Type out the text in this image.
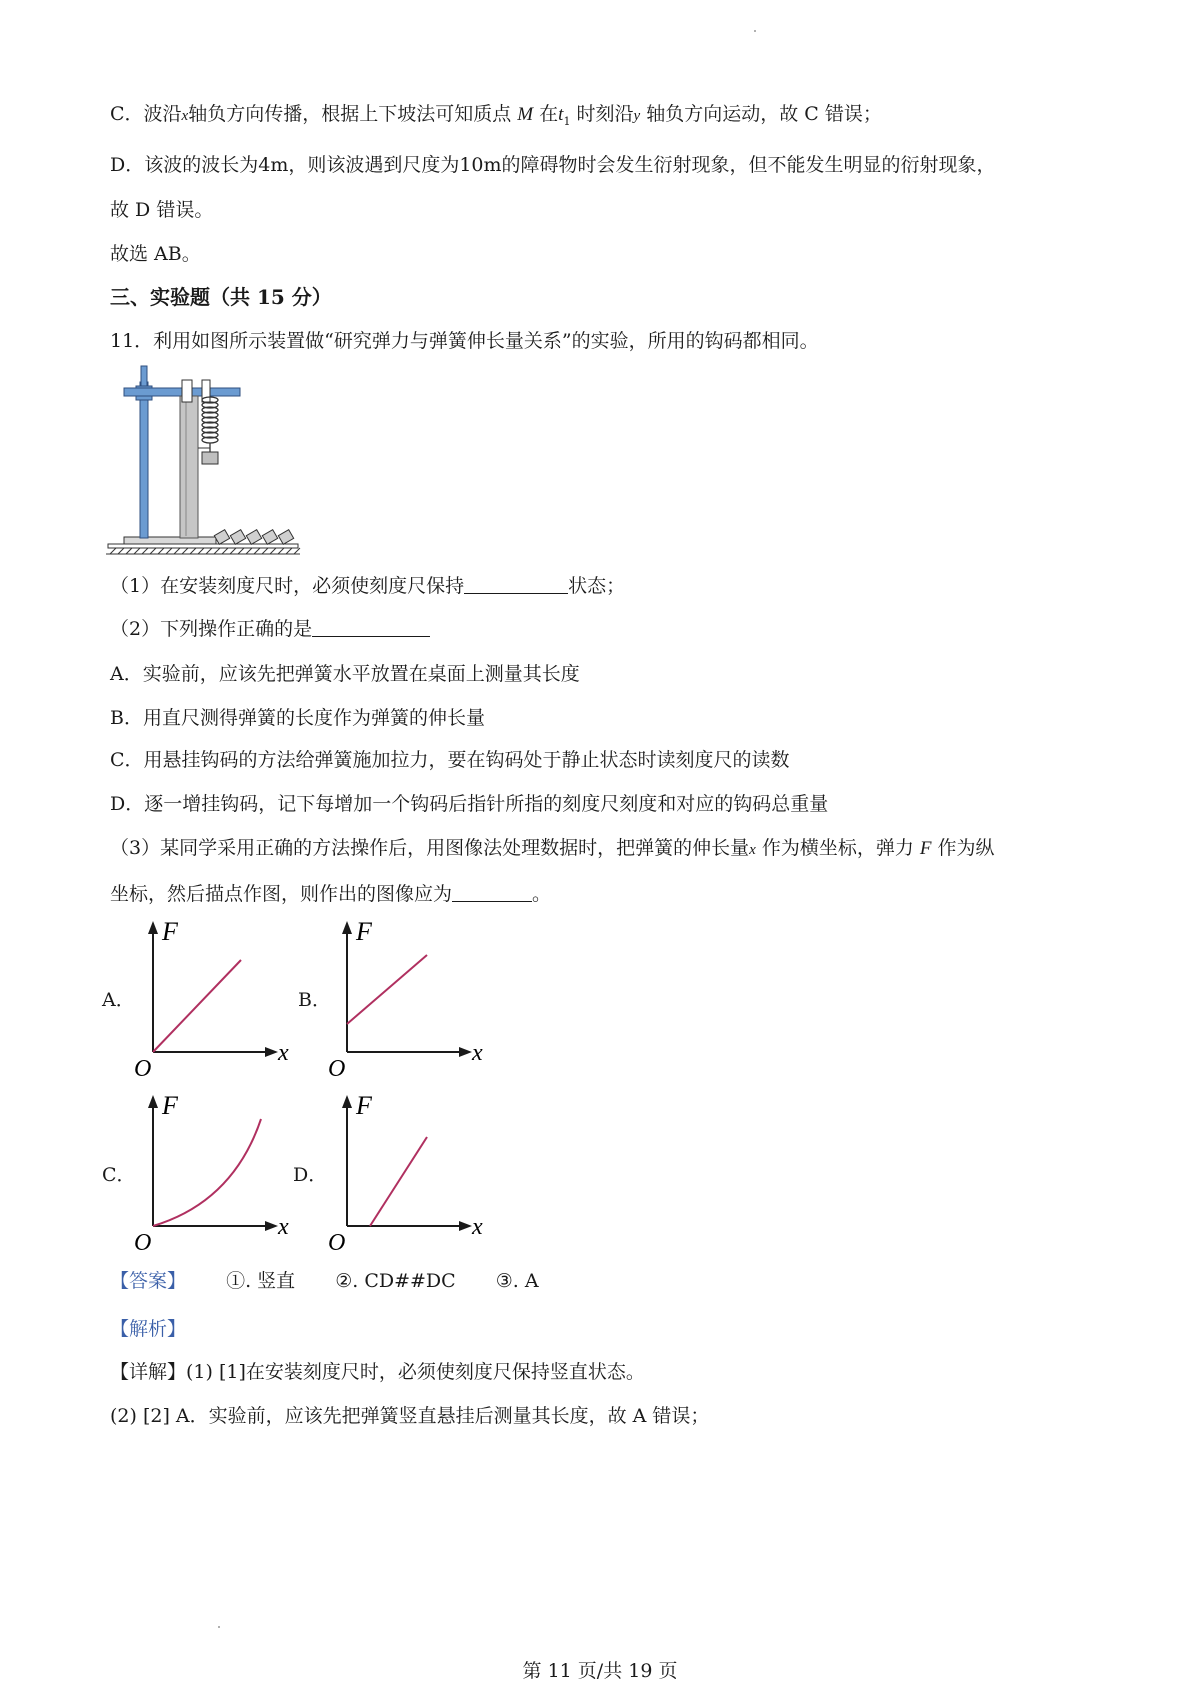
C．波沿x轴负方向传播，根据上下坡法可知质点 M 在$t_1$ 时刻沿y 轴负方向运动，故 C 错误；
D．该波的波长为4m，则该波遇到尺度为10m的障碍物时会发生衍射现象，但不能发生明显的衍射现象，
故 D 错误。
故选 AB。
三、实验题（共 15 分）
11．利用如图所示装置做“研究弹力与弹簧伸长量关系”的实验，所用的钩码都相同。
（1）在安装刻度尺时，必须使刻度尺保持	状态；
（2）下列操作正确的是
A．实验前，应该先把弹簧水平放置在桌面上测量其长度
B．用直尺测得弹簧的长度作为弹簧的伸长量
C．用悬挂钩码的方法给弹簧施加拉力，要在钩码处于静止状态时读刻度尺的读数
D．逐一增挂钩码，记下每增加一个钩码后指针所指的刻度尺刻度和对应的钩码总重量
（3）某同学采用正确的方法操作后，用图像法处理数据时，把弹簧的伸长量x 作为横坐标，弹力 F 作为纵
坐标，然后描点作图，则作出的图像应为	。
A．	B．
C．	D．
F
x
O
F
x
O
F
x
O
F
x
O
【答案】 ①. 竖直 ②. CD##DC ③. A
【解析】
【详解】(1) [1]在安装刻度尺时，必须使刻度尺保持竖直状态。
(2) [2] A．实验前，应该先把弹簧竖直悬挂后测量其长度，故 A 错误；
第 11 页/共 19 页
